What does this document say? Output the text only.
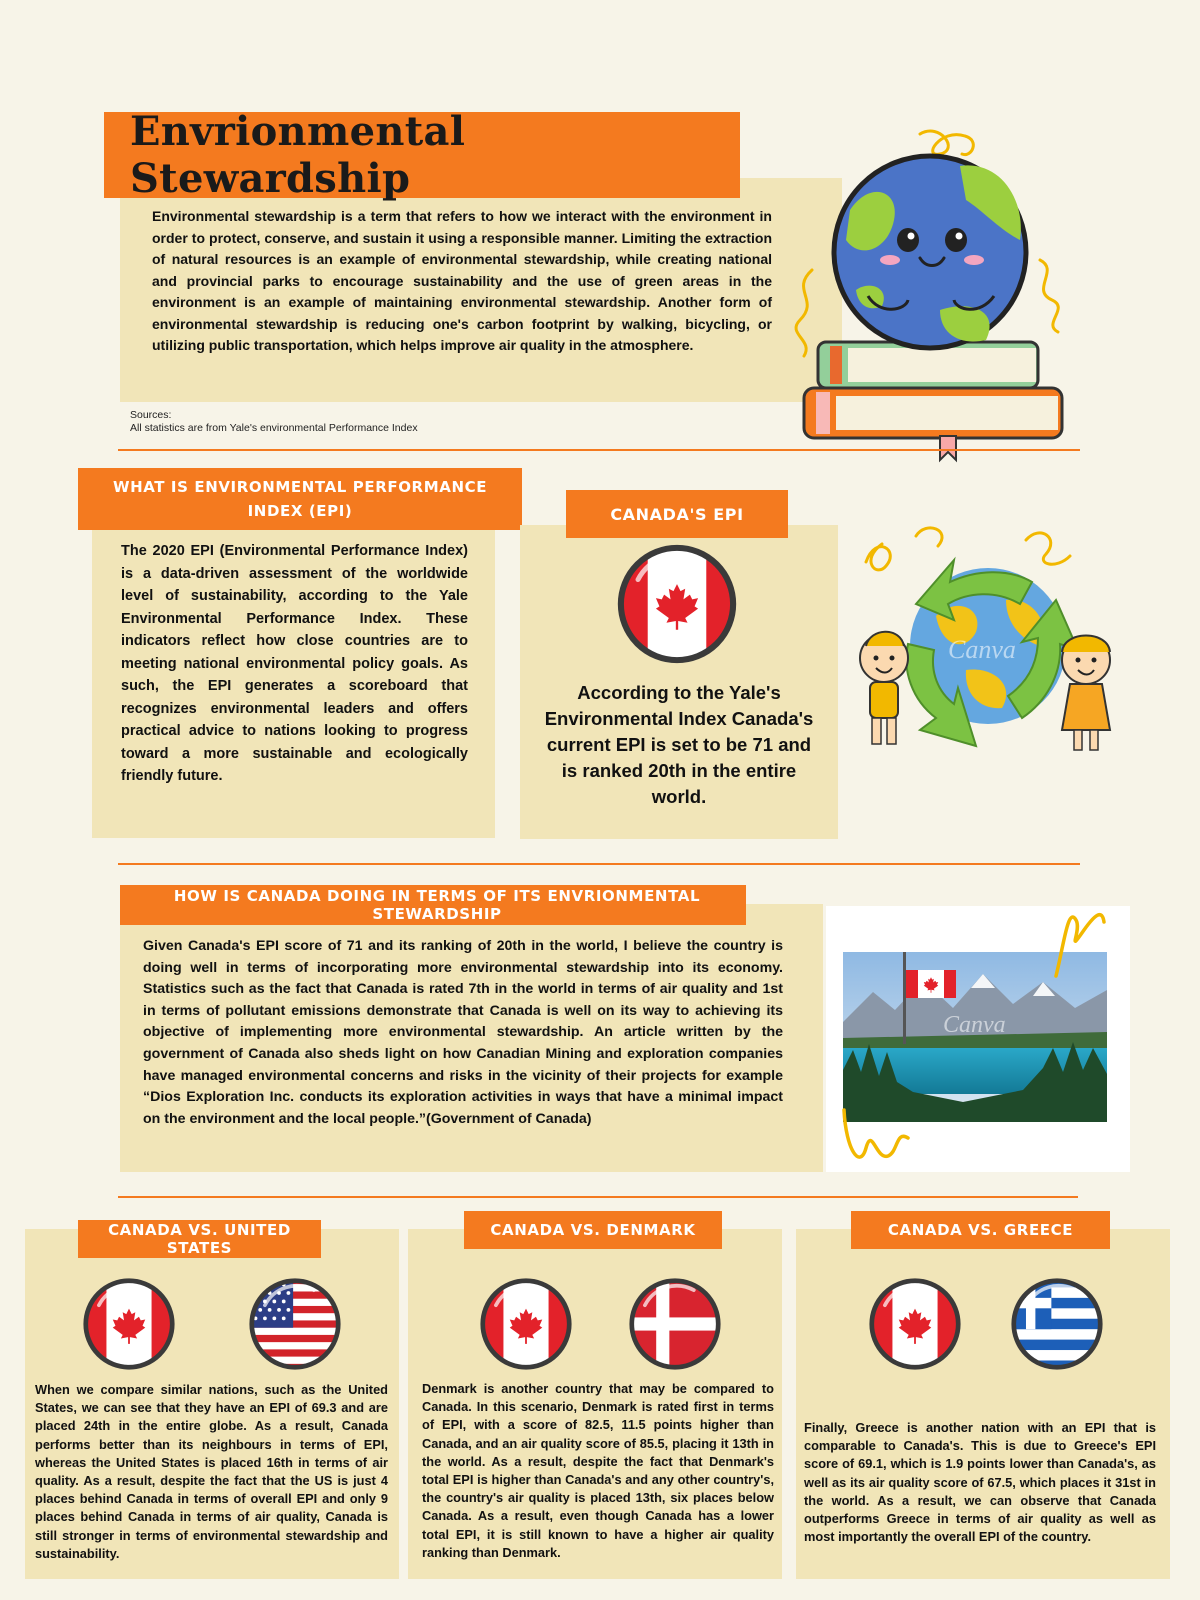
Envrionmental Stewardship

Environmental stewardship is a term that refers to how we interact with the environment in order to protect, conserve, and sustain it using a responsible manner. Limiting the extraction of natural resources is an example of environmental stewardship, while creating national and provincial parks to encourage sustainability and the use of green areas in the environment is an example of maintaining environmental stewardship. Another form of environmental stewardship is reducing one's carbon footprint by walking, bicycling, or utilizing public transportation, which helps improve air quality in the atmosphere.

Sources:
All statistics are from Yale's environmental Performance Index
WHAT IS ENVIRONMENTAL PERFORMANCE INDEX (EPI)

The 2020 EPI (Environmental Performance Index) is a data-driven assessment of the worldwide level of sustainability, according to the Yale Environmental Performance Index. These indicators reflect how close countries are to meeting national environmental policy goals. As such, the EPI generates a scoreboard that recognizes environmental leaders and offers practical advice to nations looking to progress toward a more sustainable and ecologically friendly future.

CANADA'S EPI

According to the Yale's Environmental Index Canada's current EPI is set to be 71 and is ranked 20th in the entire world.

Canva
HOW IS CANADA DOING IN TERMS OF ITS ENVRIONMENTAL STEWARDSHIP

Given Canada's EPI score of 71 and its ranking of 20th in the world, I believe the country is doing well in terms of incorporating more environmental stewardship into its economy. Statistics such as the fact that Canada is rated 7th in the world in terms of air quality and 1st in terms of pollutant emissions demonstrate that Canada is well on its way to achieving its objective of implementing more environmental stewardship. An article written by the government of Canada also sheds light on how Canadian Mining and exploration companies have managed environmental concerns and risks in the vicinity of their projects for example “Dios Exploration Inc. conducts its exploration activities in ways that have a minimal impact on the environment and the local people.”(Government of Canada)

Canva
CANADA VS. UNITED STATES

When we compare similar nations, such as the United States, we can see that they have an EPI of 69.3 and are placed 24th in the entire globe. As a result, Canada performs better than its neighbours in terms of EPI, whereas the United States is placed 16th in terms of air quality. As a result, despite the fact that the US is just 4 places behind Canada in terms of overall EPI and only 9 places behind Canada in terms of air quality, Canada is still stronger in terms of environmental stewardship and sustainability.

CANADA VS. DENMARK

Denmark is another country that may be compared to Canada. In this scenario, Denmark is rated first in terms of EPI, with a score of 82.5, 11.5 points higher than Canada, and an air quality score of 85.5, placing it 13th in the world. As a result, despite the fact that Denmark's total EPI is higher than Canada's and any other country's, the country's air quality is placed 13th, six places below Canada. As a result, even though Canada has a lower total EPI, it is still known to have a higher air quality ranking than Denmark.

CANADA VS. GREECE

Finally, Greece is another nation with an EPI that is comparable to Canada's. This is due to Greece's EPI score of 69.1, which is 1.9 points lower than Canada's, as well as its air quality score of 67.5, which places it 31st in the world. As a result, we can observe that Canada outperforms Greece in terms of air quality as well as most importantly the overall EPI of the country.
